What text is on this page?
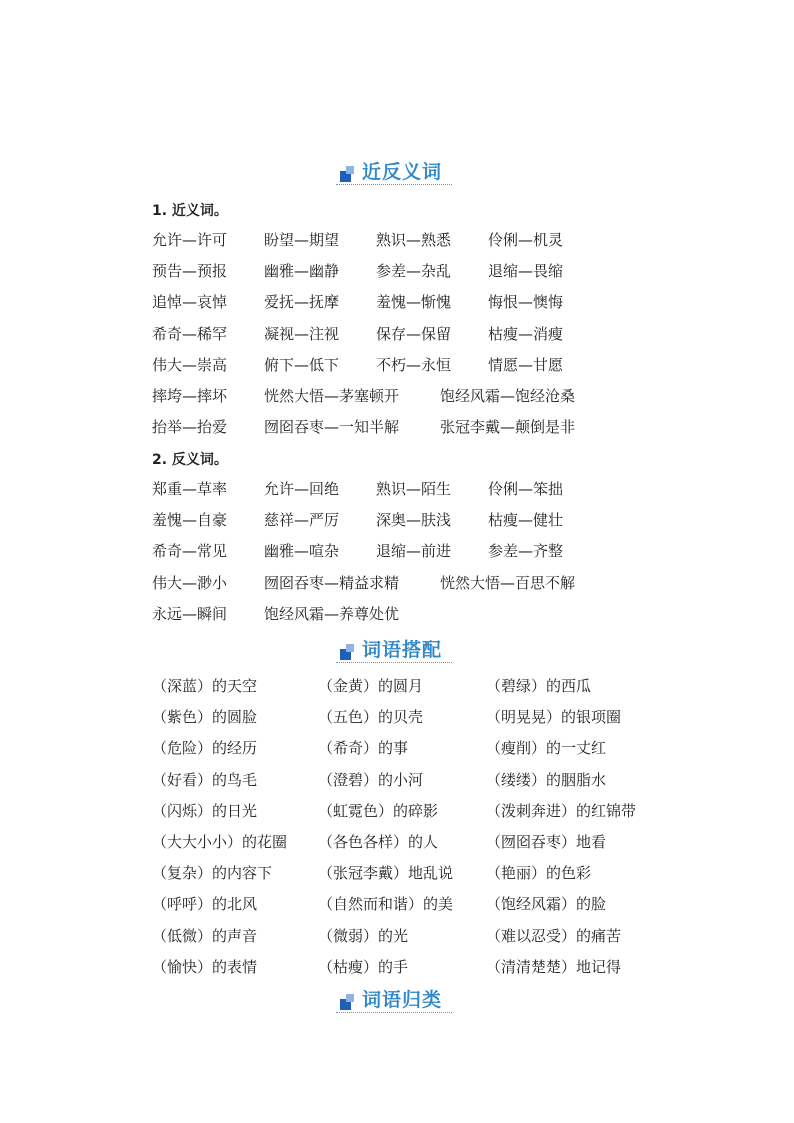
近反义词
1. 近义词。
允许—许可 盼望—期望 熟识—熟悉 伶俐—机灵
预告—预报 幽雅—幽静 参差—杂乱 退缩—畏缩
追悼—哀悼 爱抚—抚摩 羞愧—惭愧 悔恨—懊悔
希奇—稀罕 凝视—注视 保存—保留 枯瘦—消瘦
伟大—崇高 俯下—低下 不朽—永恒 情愿—甘愿
摔垮—摔坏 恍然大悟—茅塞顿开	饱经风霜—饱经沧桑
抬举—抬爱 囫囵吞枣—一知半解	张冠李戴—颠倒是非
2. 反义词。
郑重—草率 允许—回绝 熟识—陌生 伶俐—笨拙
羞愧—自豪 慈祥—严厉 深奥—肤浅 枯瘦—健壮
希奇—常见 幽雅—喧杂 退缩—前进 参差—齐整
伟大—渺小 囫囵吞枣—精益求精	恍然大悟—百思不解
永远—瞬间 饱经风霜—养尊处优
词语搭配
（深蓝）的天空	（金黄）的圆月	（碧绿）的西瓜
（紫色）的圆脸	（五色）的贝壳	（明晃晃）的银项圈
（危险）的经历	（希奇）的事	（瘦削）的一丈红
（好看）的鸟毛	（澄碧）的小河	（缕缕）的胭脂水
（闪烁）的日光	（虹霓色）的碎影	（泼刺奔进）的红锦带
（大大小小）的花圈 （各色各样）的人	（囫囵吞枣）地看
（复杂）的内容下	（张冠李戴）地乱说 （艳丽）的色彩
（呼呼）的北风	（自然而和谐）的美 （饱经风霜）的脸
（低微）的声音	（微弱）的光	（难以忍受）的痛苦
（愉快）的表情	（枯瘦）的手	（清清楚楚）地记得
词语归类
